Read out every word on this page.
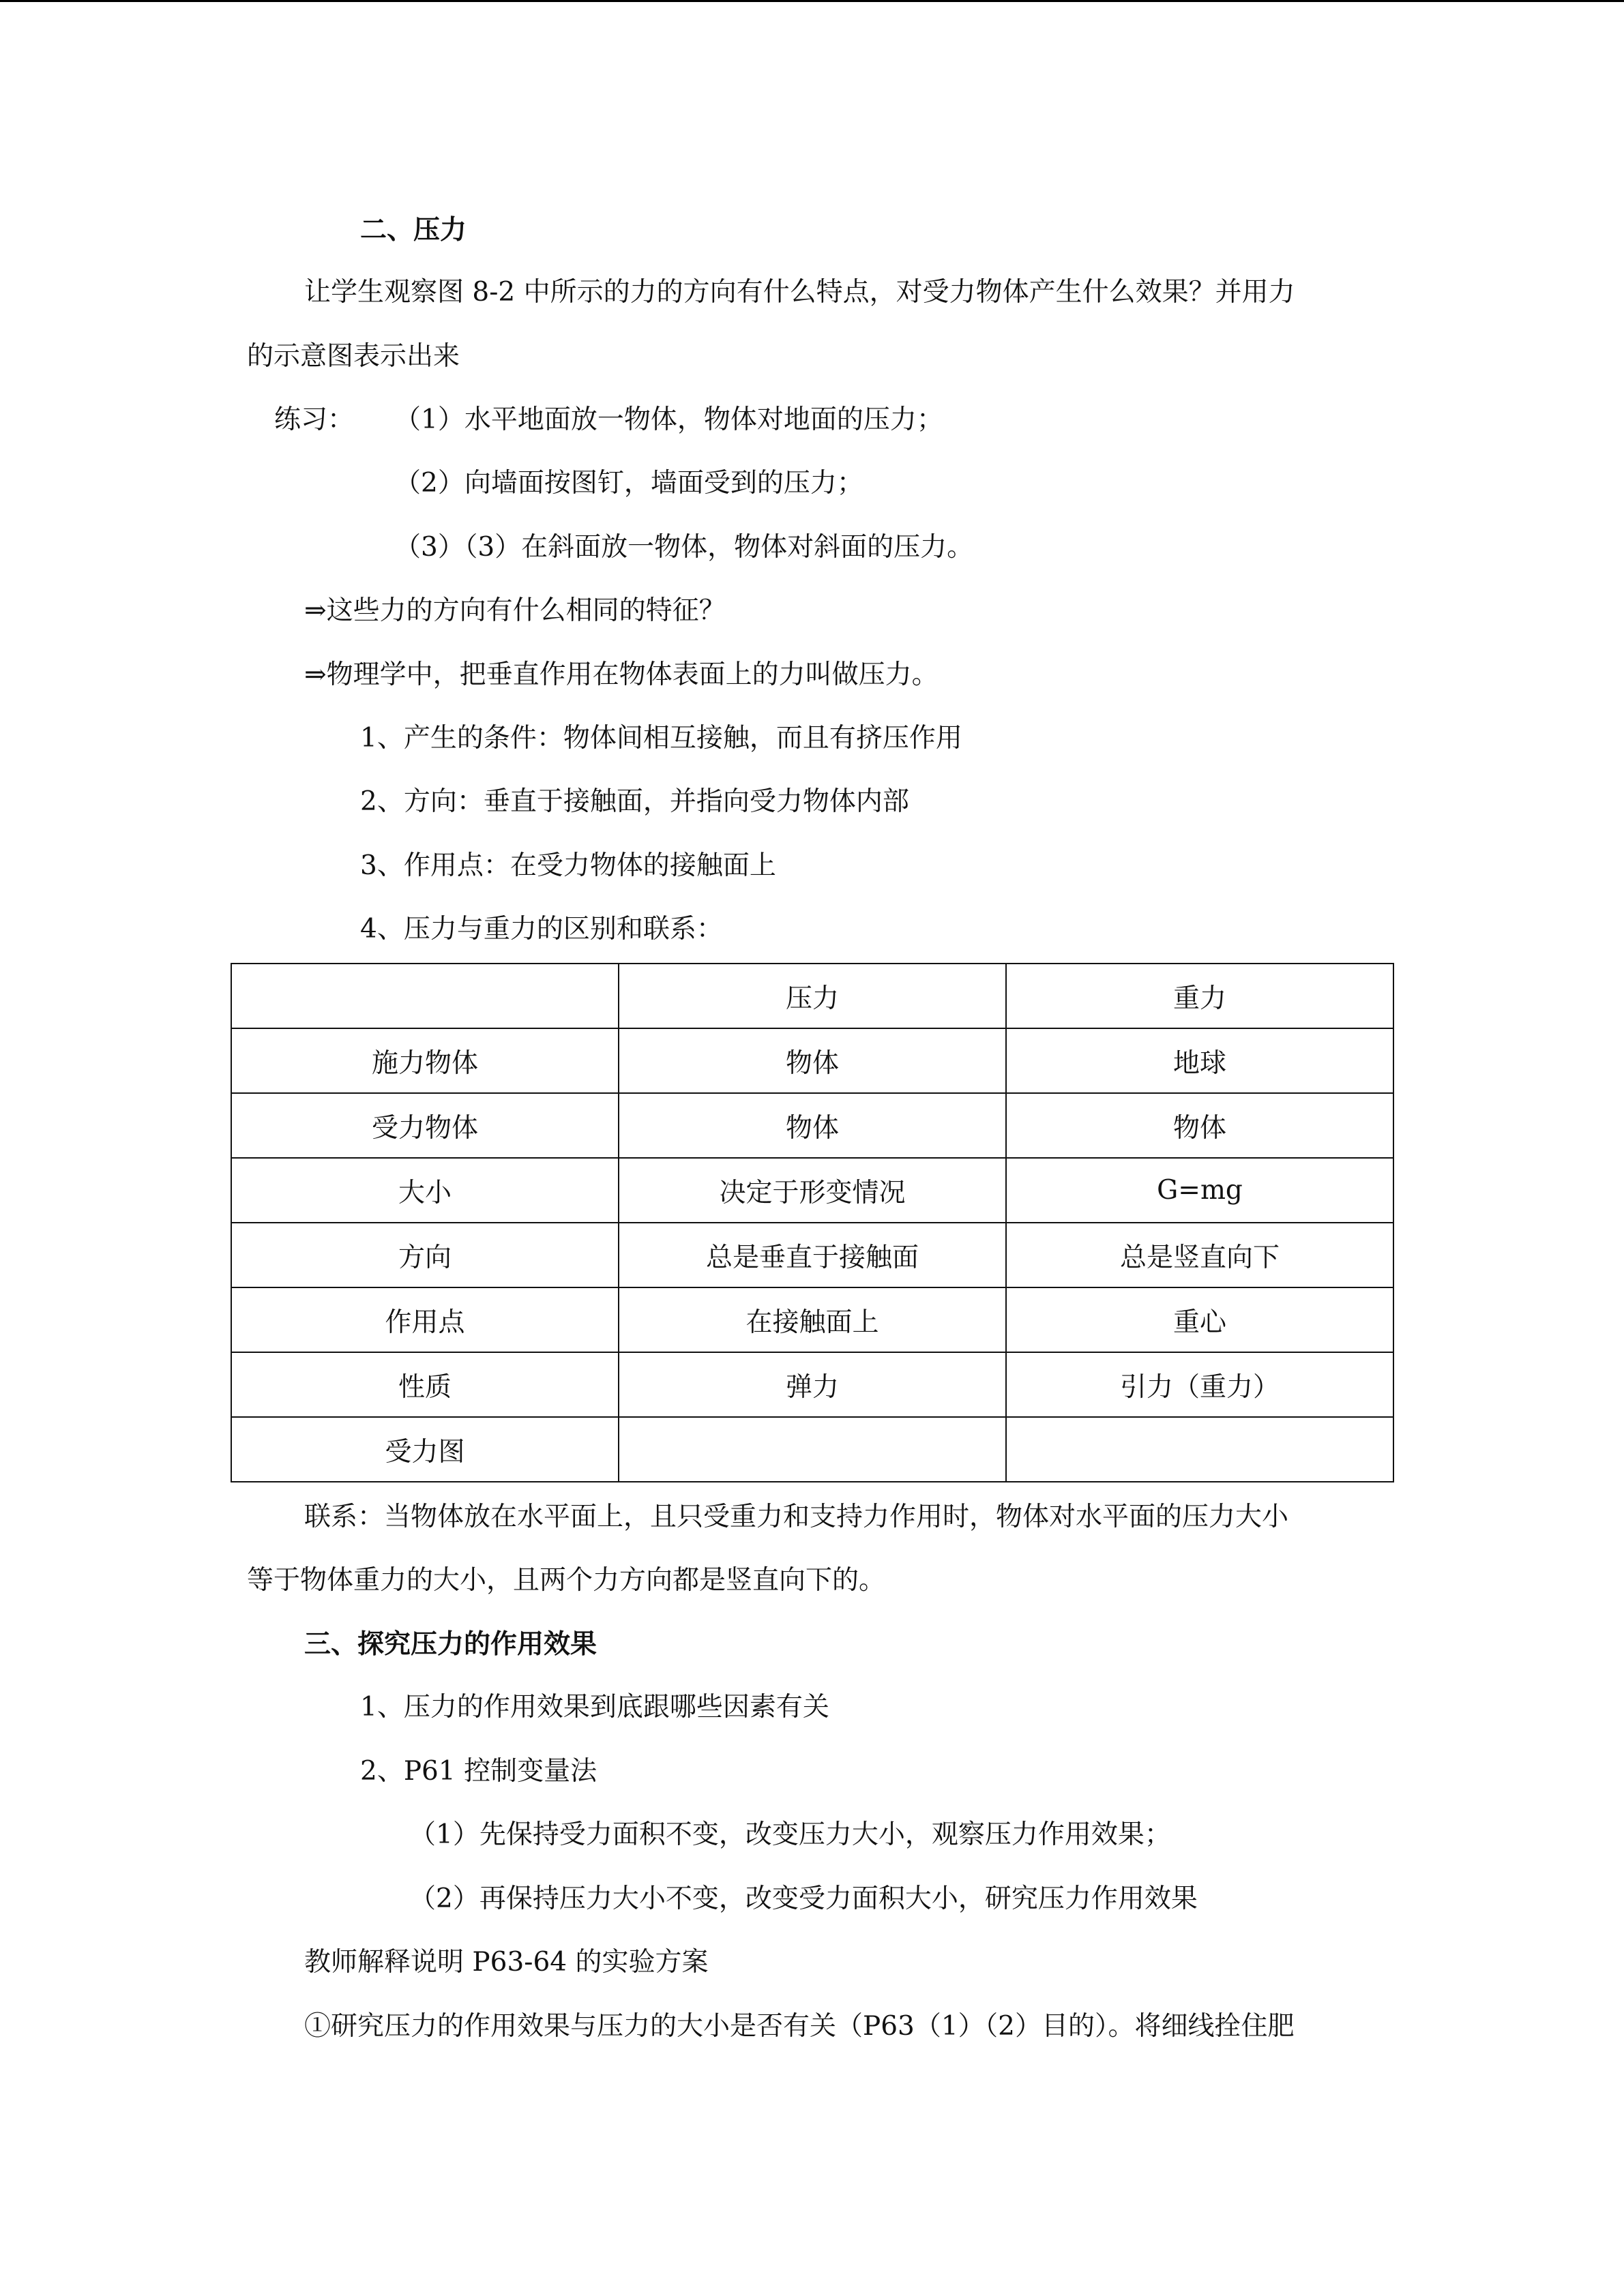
二、压力
让学生观察图 8-2 中所示的力的方向有什么特点，对受力物体产生什么效果？并用力
的示意图表示出来
练习： （1）水平地面放一物体，物体对地面的压力；
（2）向墙面按图钉，墙面受到的压力；
（3）（3）在斜面放一物体，物体对斜面的压力。
⇒这些力的方向有什么相同的特征？
⇒物理学中，把垂直作用在物体表面上的力叫做压力。
1、产生的条件：物体间相互接触，而且有挤压作用
2、方向：垂直于接触面，并指向受力物体内部
3、作用点：在受力物体的接触面上
4、压力与重力的区别和联系：
	压力	重力
施力物体	物体	地球
受力物体	物体	物体
大小	决定于形变情况	G=mg
方向	总是垂直于接触面	总是竖直向下
作用点	在接触面上	重心
性质	弹力	引力（重力）
受力图		
联系：当物体放在水平面上，且只受重力和支持力作用时，物体对水平面的压力大小
等于物体重力的大小，且两个力方向都是竖直向下的。
三、探究压力的作用效果
1、压力的作用效果到底跟哪些因素有关
2、P61 控制变量法
（1）先保持受力面积不变，改变压力大小，观察压力作用效果；
（2）再保持压力大小不变，改变受力面积大小，研究压力作用效果
教师解释说明 P63-64 的实验方案
①研究压力的作用效果与压力的大小是否有关（P63（1）（2）目的）。将细线拴住肥
